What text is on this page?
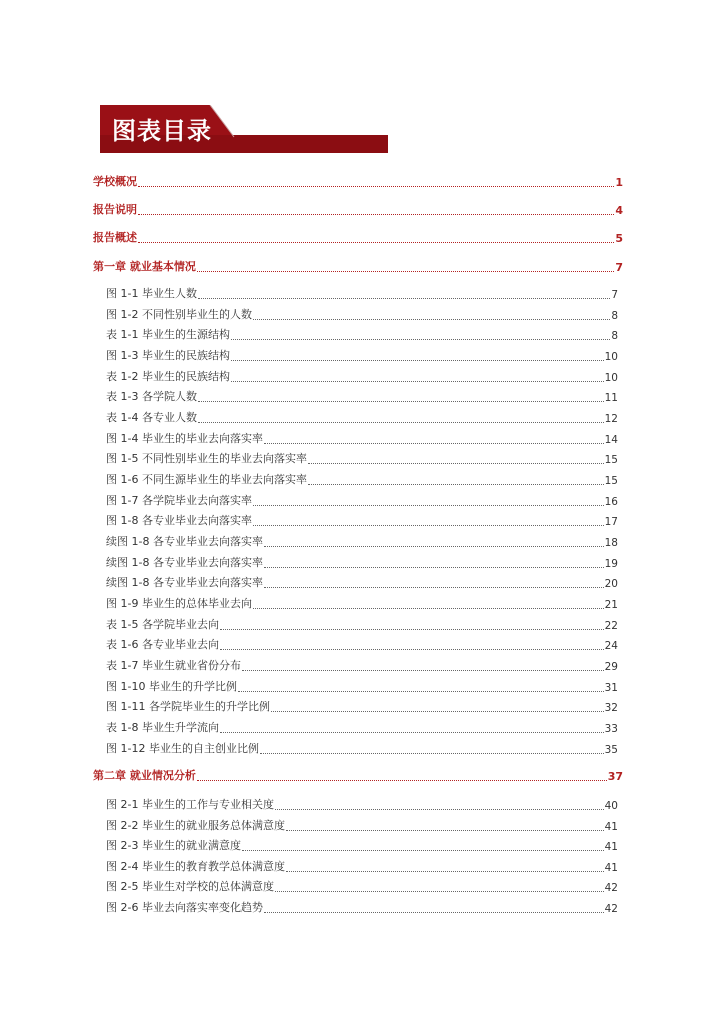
图表目录
学校概况	1
报告说明	4
报告概述	5
第一章 就业基本情况	7
图 1-1 毕业生人数	7
图 1-2 不同性别毕业生的人数	8
表 1-1 毕业生的生源结构	8
图 1-3 毕业生的民族结构	10
表 1-2 毕业生的民族结构	10
表 1-3 各学院人数	11
表 1-4 各专业人数	12
图 1-4 毕业生的毕业去向落实率	14
图 1-5 不同性别毕业生的毕业去向落实率	15
图 1-6 不同生源毕业生的毕业去向落实率	15
图 1-7 各学院毕业去向落实率	16
图 1-8 各专业毕业去向落实率	17
续图 1-8 各专业毕业去向落实率	18
续图 1-8 各专业毕业去向落实率	19
续图 1-8 各专业毕业去向落实率	20
图 1-9 毕业生的总体毕业去向	21
表 1-5 各学院毕业去向	22
表 1-6 各专业毕业去向	24
表 1-7 毕业生就业省份分布	29
图 1-10 毕业生的升学比例	31
图 1-11 各学院毕业生的升学比例	32
表 1-8 毕业生升学流向	33
图 1-12 毕业生的自主创业比例	35
第二章 就业情况分析	37
图 2-1 毕业生的工作与专业相关度	40
图 2-2 毕业生的就业服务总体满意度	41
图 2-3 毕业生的就业满意度	41
图 2-4 毕业生的教育教学总体满意度	41
图 2-5 毕业生对学校的总体满意度	42
图 2-6 毕业去向落实率变化趋势	42
